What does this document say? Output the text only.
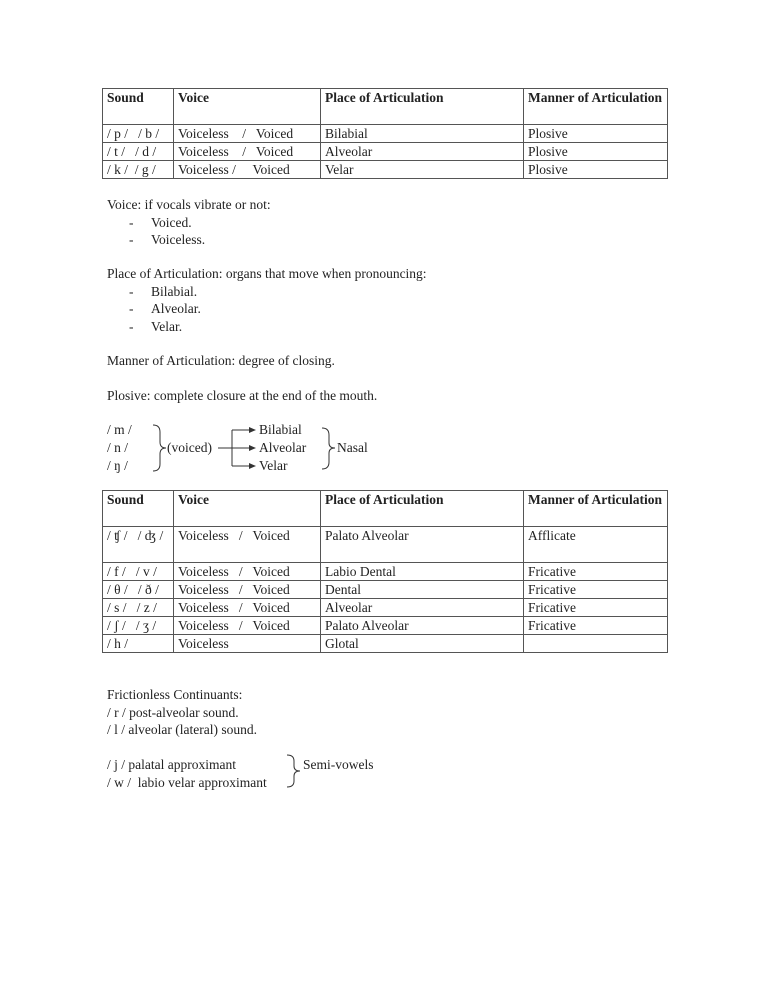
Sound	Voice	Place of Articulation	Manner of Articulation
/ p /   / b /	Voiceless    /   Voiced	Bilabial	Plosive
/ t /   / d /	Voiceless    /   Voiced	Alveolar	Plosive
/ k /  / g /	Voiceless /     Voiced	Velar	Plosive
Voice: if vocals vibrate or not:
- Voiced.
- Voiceless.
Place of Articulation: organs that move when pronouncing:
- Bilabial.
- Alveolar.
- Velar.
Manner of Articulation: degree of closing.
Plosive: complete closure at the end of the mouth.
/ m /
/ n /
/ ŋ /
(voiced)
Bilabial
Alveolar
Velar
Nasal
Sound	Voice	Place of Articulation	Manner of Articulation
/ ʧ /   / ʤ /	Voiceless   /   Voiced	Palato Alveolar	Afflicate
/ f /   / v /	Voiceless   /   Voiced	Labio Dental	Fricative
/ θ /   / ð /	Voiceless   /   Voiced	Dental	Fricative
/ s /   / z /	Voiceless   /   Voiced	Alveolar	Fricative
/ ʃ /   / ʒ /	Voiceless   /   Voiced	Palato Alveolar	Fricative
/ h /	Voiceless	Glotal	
Frictionless Continuants:
/ r / post-alveolar sound.
/ l / alveolar (lateral) sound.
/ j / palatal approximant
/ w /  labio velar approximant
Semi-vowels
